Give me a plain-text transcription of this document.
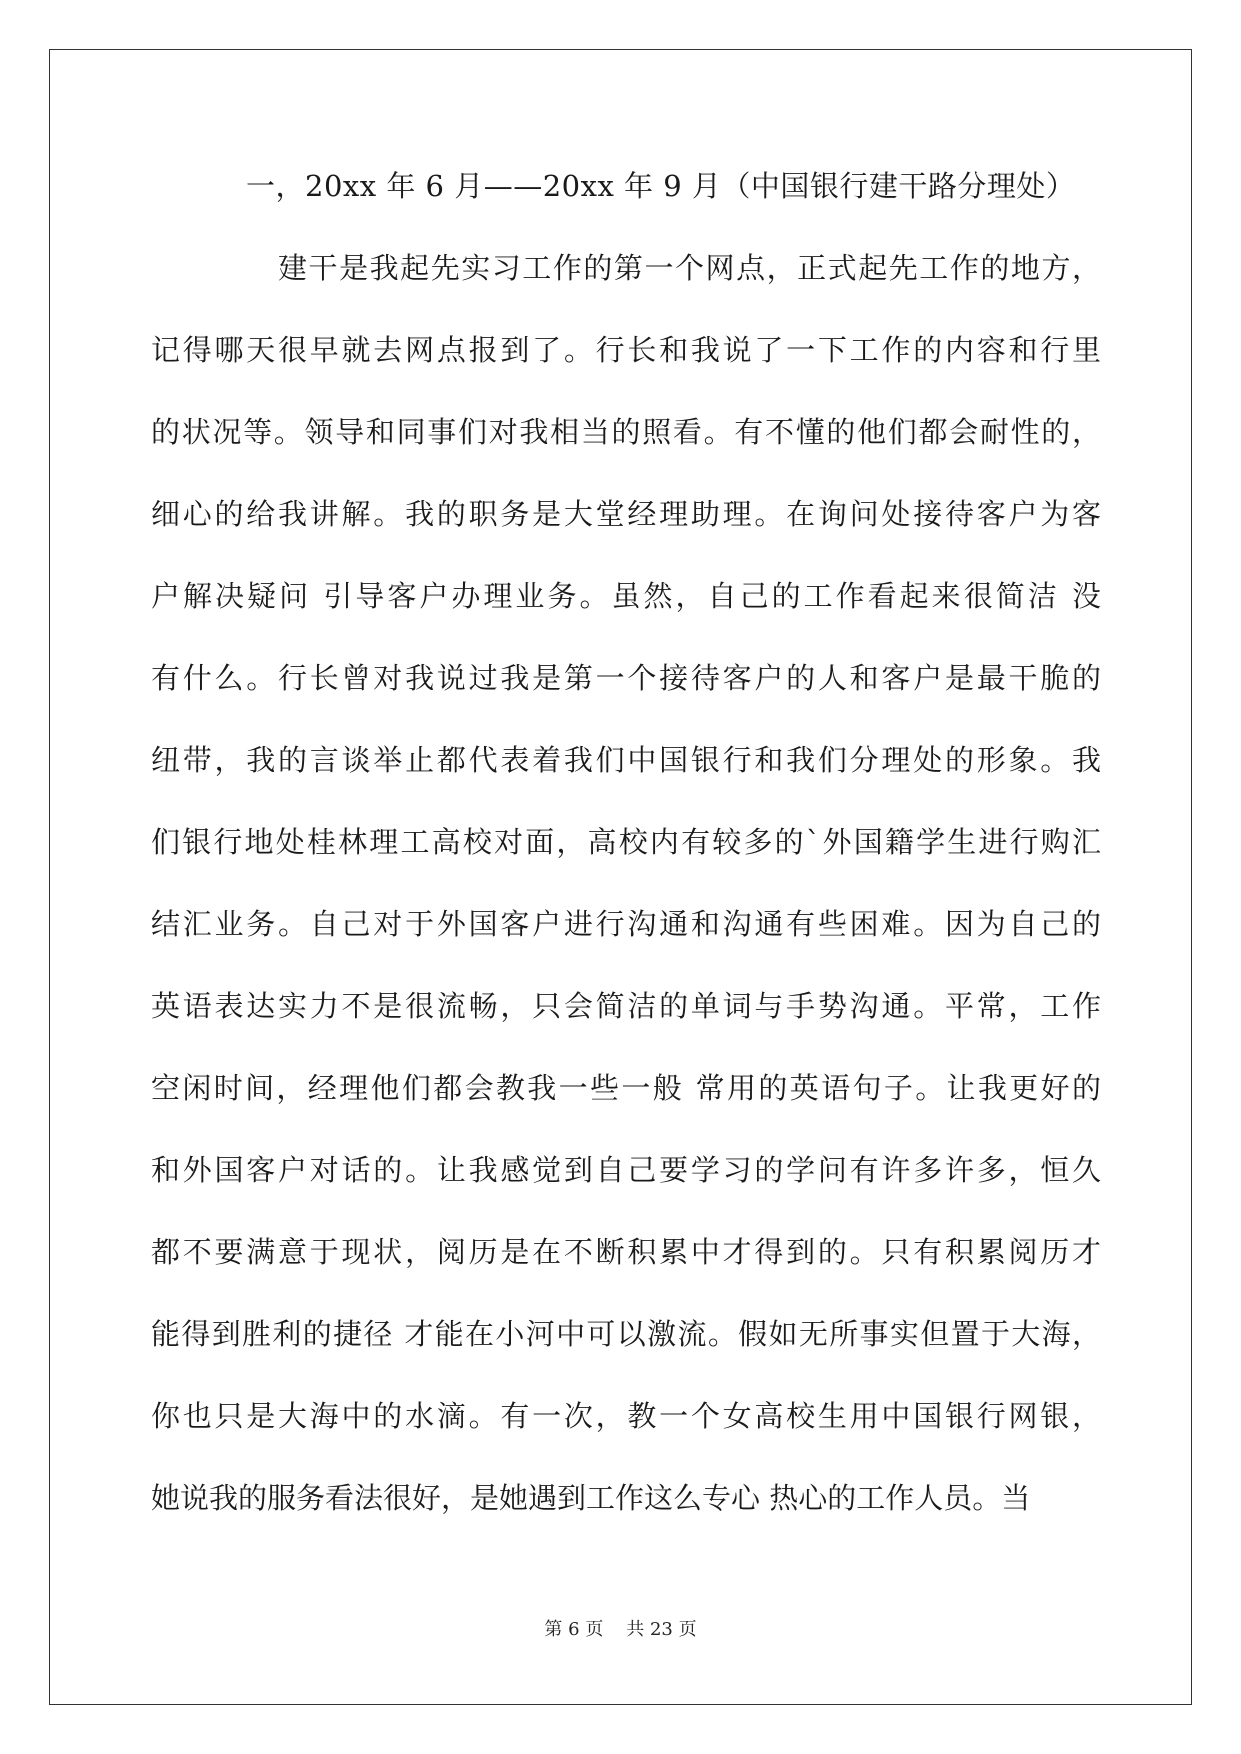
一，20xx 年 6 月——20xx 年 9 月（中国银行建干路分理处）
建干是我起先实习工作的第一个网点，正式起先工作的地方，
记得哪天很早就去网点报到了。行长和我说了一下工作的内容和行里
的状况等。领导和同事们对我相当的照看。有不懂的他们都会耐性的，
细心的给我讲解。我的职务是大堂经理助理。在询问处接待客户为客
户解决疑问 引导客户办理业务。虽然，自己的工作看起来很简洁 没
有什么。行长曾对我说过我是第一个接待客户的人和客户是最干脆的
纽带，我的言谈举止都代表着我们中国银行和我们分理处的形象。我
们银行地处桂林理工高校对面，高校内有较多的`外国籍学生进行购汇
结汇业务。自己对于外国客户进行沟通和沟通有些困难。因为自己的
英语表达实力不是很流畅，只会简洁的单词与手势沟通。平常，工作
空闲时间，经理他们都会教我一些一般 常用的英语句子。让我更好的
和外国客户对话的。让我感觉到自己要学习的学问有许多许多，恒久
都不要满意于现状，阅历是在不断积累中才得到的。只有积累阅历才
能得到胜利的捷径 才能在小河中可以激流。假如无所事实但置于大海，
你也只是大海中的水滴。有一次，教一个女高校生用中国银行网银，
她说我的服务看法很好，是她遇到工作这么专心 热心的工作人员。当
第 6 页 共 23 页
